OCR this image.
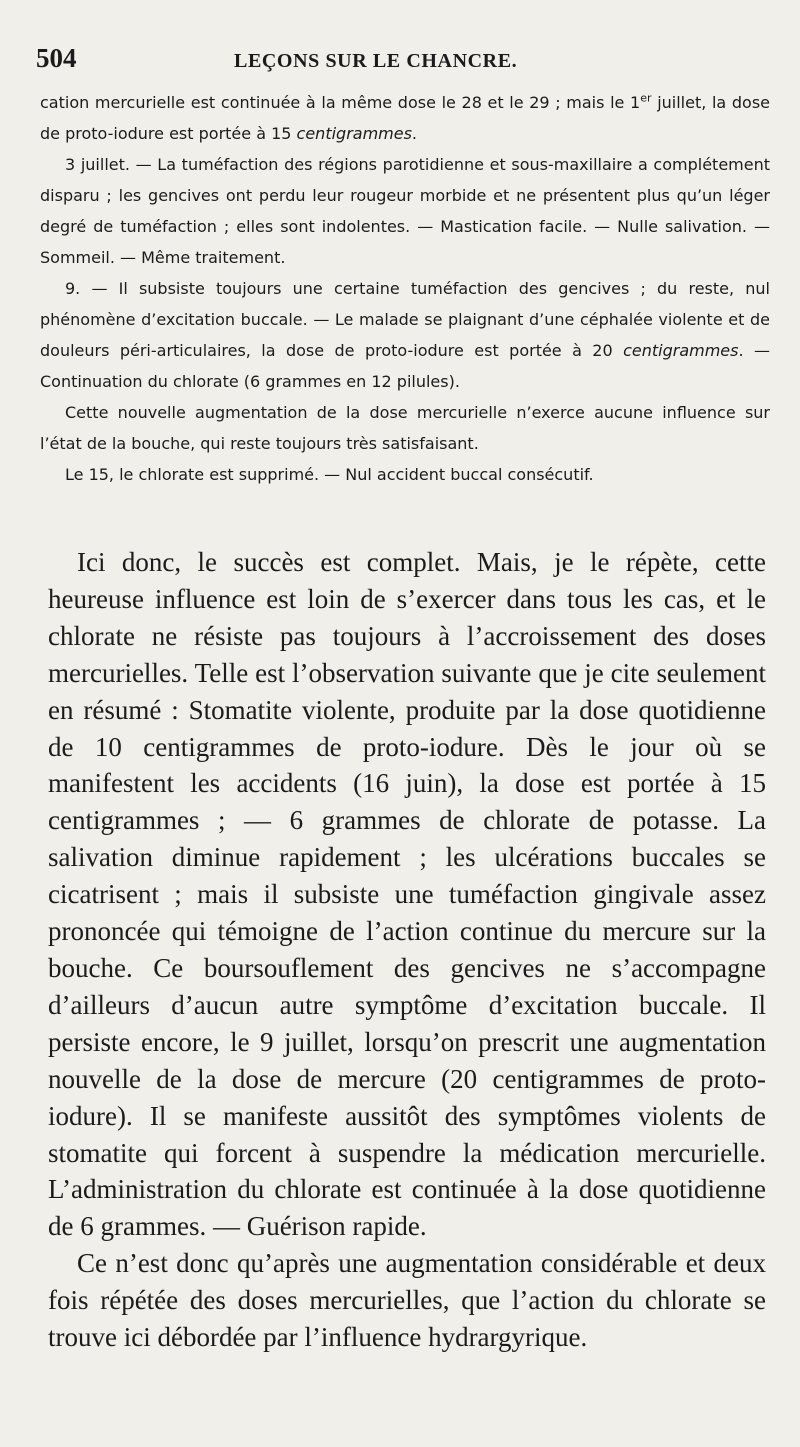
504	LEÇONS SUR LE CHANCRE.

cation mercurielle est continuée à la même dose le 28 et le 29 ; mais le 1er juillet, la dose de proto-iodure est portée à 15 centigrammes.

3 juillet. — La tuméfaction des régions parotidienne et sous-maxillaire a complétement disparu ; les gencives ont perdu leur rougeur morbide et ne présentent plus qu’un léger degré de tuméfaction ; elles sont indolentes. — Mastication facile. — Nulle salivation. — Sommeil. — Même traitement.

9. — Il subsiste toujours une certaine tuméfaction des gencives ; du reste, nul phénomène d’excitation buccale. — Le malade se plaignant d’une céphalée violente et de douleurs péri-articulaires, la dose de proto-iodure est portée à 20 centigrammes. — Continuation du chlorate (6 grammes en 12 pilules).

Cette nouvelle augmentation de la dose mercurielle n’exerce aucune influence sur l’état de la bouche, qui reste toujours très satisfaisant.

Le 15, le chlorate est supprimé. — Nul accident buccal consécutif.

Ici donc, le succès est complet. Mais, je le répète, cette heureuse influence est loin de s’exercer dans tous les cas, et le chlorate ne résiste pas toujours à l’accroissement des doses mercurielles. Telle est l’observation suivante que je cite seulement en résumé : Stomatite violente, produite par la dose quotidienne de 10 centigrammes de proto-iodure. Dès le jour où se manifestent les accidents (16 juin), la dose est portée à 15 centigrammes ; — 6 grammes de chlorate de potasse. La salivation diminue rapidement ; les ulcérations buccales se cicatrisent ; mais il subsiste une tuméfaction gingivale assez prononcée qui témoigne de l’action continue du mercure sur la bouche. Ce boursouflement des gencives ne s’accompagne d’ailleurs d’aucun autre symptôme d’excitation buccale. Il persiste encore, le 9 juillet, lorsqu’on prescrit une augmentation nouvelle de la dose de mercure (20 centigrammes de proto-iodure). Il se manifeste aussitôt des symptômes violents de stomatite qui forcent à suspendre la médication mercurielle. L’administration du chlorate est continuée à la dose quotidienne de 6 grammes. — Guérison rapide.

Ce n’est donc qu’après une augmentation considérable et deux fois répétée des doses mercurielles, que l’action du chlorate se trouve ici débordée par l’influence hydrargyrique.
